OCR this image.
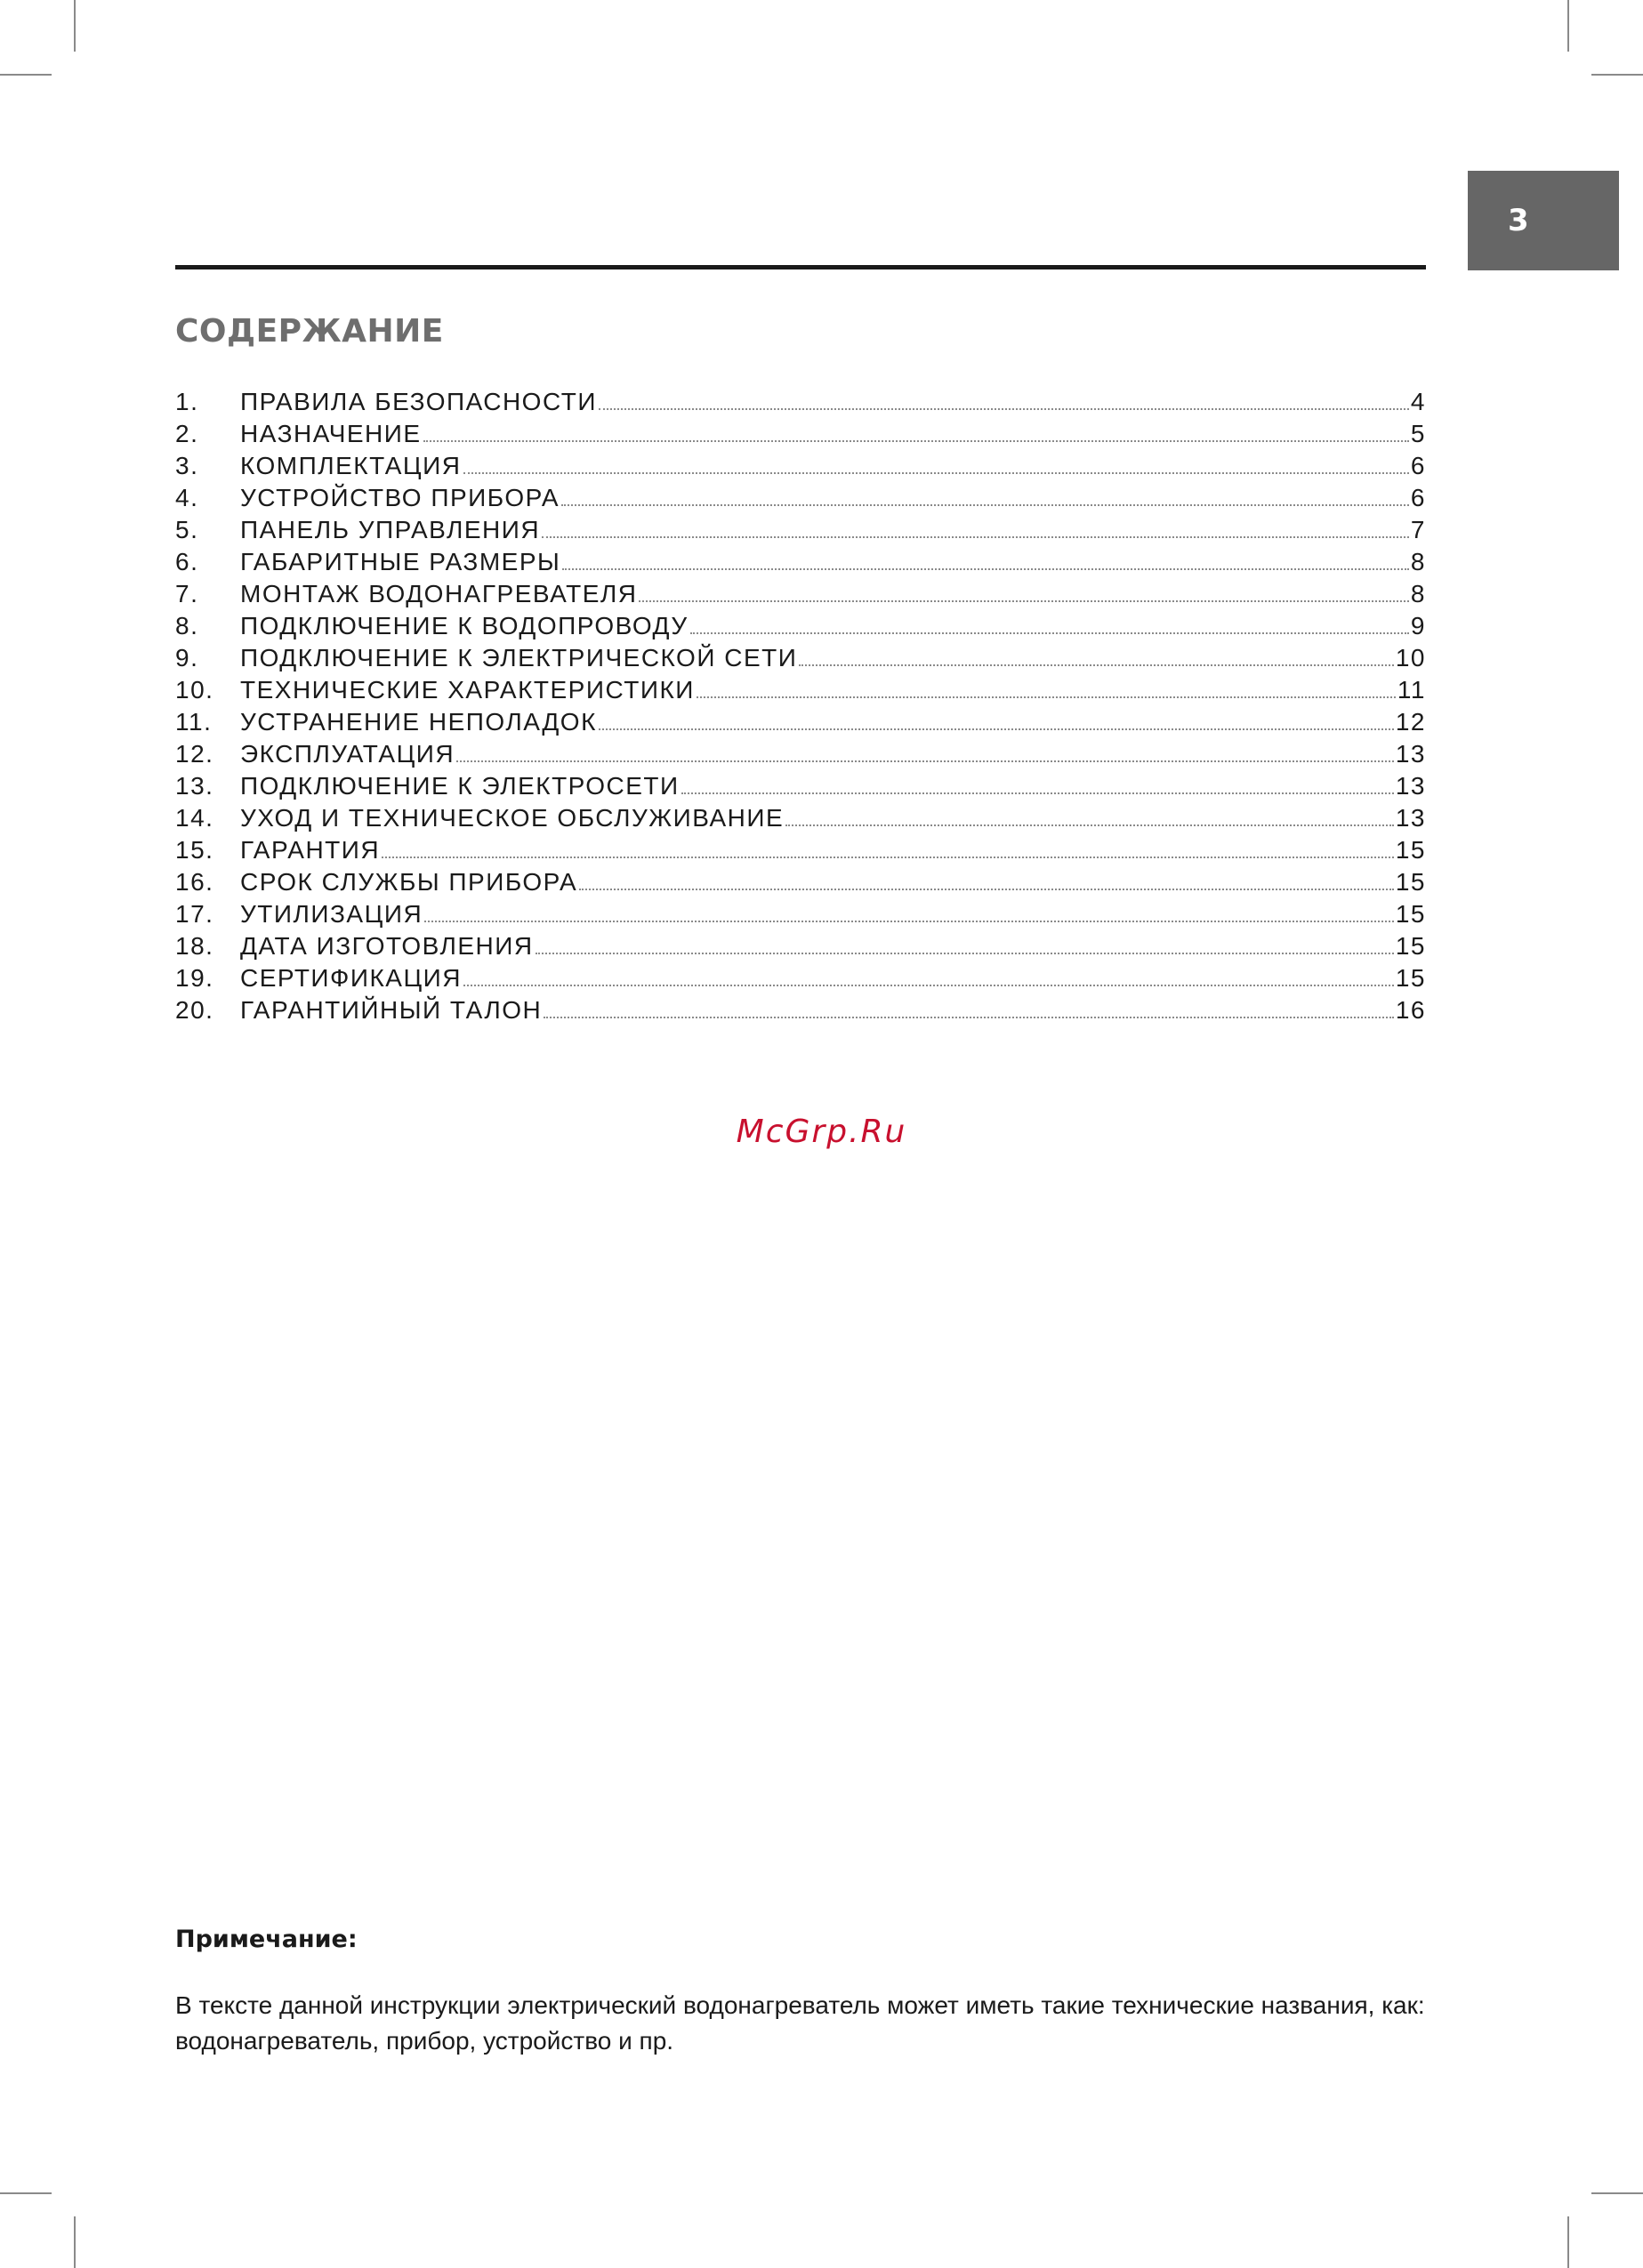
3
СОДЕРЖАНИЕ
1.	ПРАВИЛА БЕЗОПАСНОСТИ	4
2.	НАЗНАЧЕНИЕ	5
3.	КОМПЛЕКТАЦИЯ	6
4.	УСТРОЙСТВО ПРИБОРА	6
5.	ПАНЕЛЬ УПРАВЛЕНИЯ	7
6.	ГАБАРИТНЫЕ РАЗМЕРЫ	8
7.	МОНТАЖ ВОДОНАГРЕВАТЕЛЯ	8
8.	ПОДКЛЮЧЕНИЕ К ВОДОПРОВОДУ	9
9.	ПОДКЛЮЧЕНИЕ К ЭЛЕКТРИЧЕСКОЙ СЕТИ	10
10.	ТЕХНИЧЕСКИЕ ХАРАКТЕРИСТИКИ	11
11.	УСТРАНЕНИЕ НЕПОЛАДОК	12
12.	ЭКСПЛУАТАЦИЯ	13
13.	ПОДКЛЮЧЕНИЕ К ЭЛЕКТРОСЕТИ	13
14.	УХОД И ТЕХНИЧЕСКОЕ ОБСЛУЖИВАНИЕ	13
15.	ГАРАНТИЯ	15
16.	СРОК СЛУЖБЫ ПРИБОРА	15
17.	УТИЛИЗАЦИЯ	15
18.	ДАТА ИЗГОТОВЛЕНИЯ	15
19.	СЕРТИФИКАЦИЯ	15
20.	ГАРАНТИЙНЫЙ ТАЛОН	16
McGrp.Ru
Примечание:

В тексте данной инструкции электрический водонагреватель может иметь такие технические названия, как: водонагреватель, прибор, устройство и пр.
